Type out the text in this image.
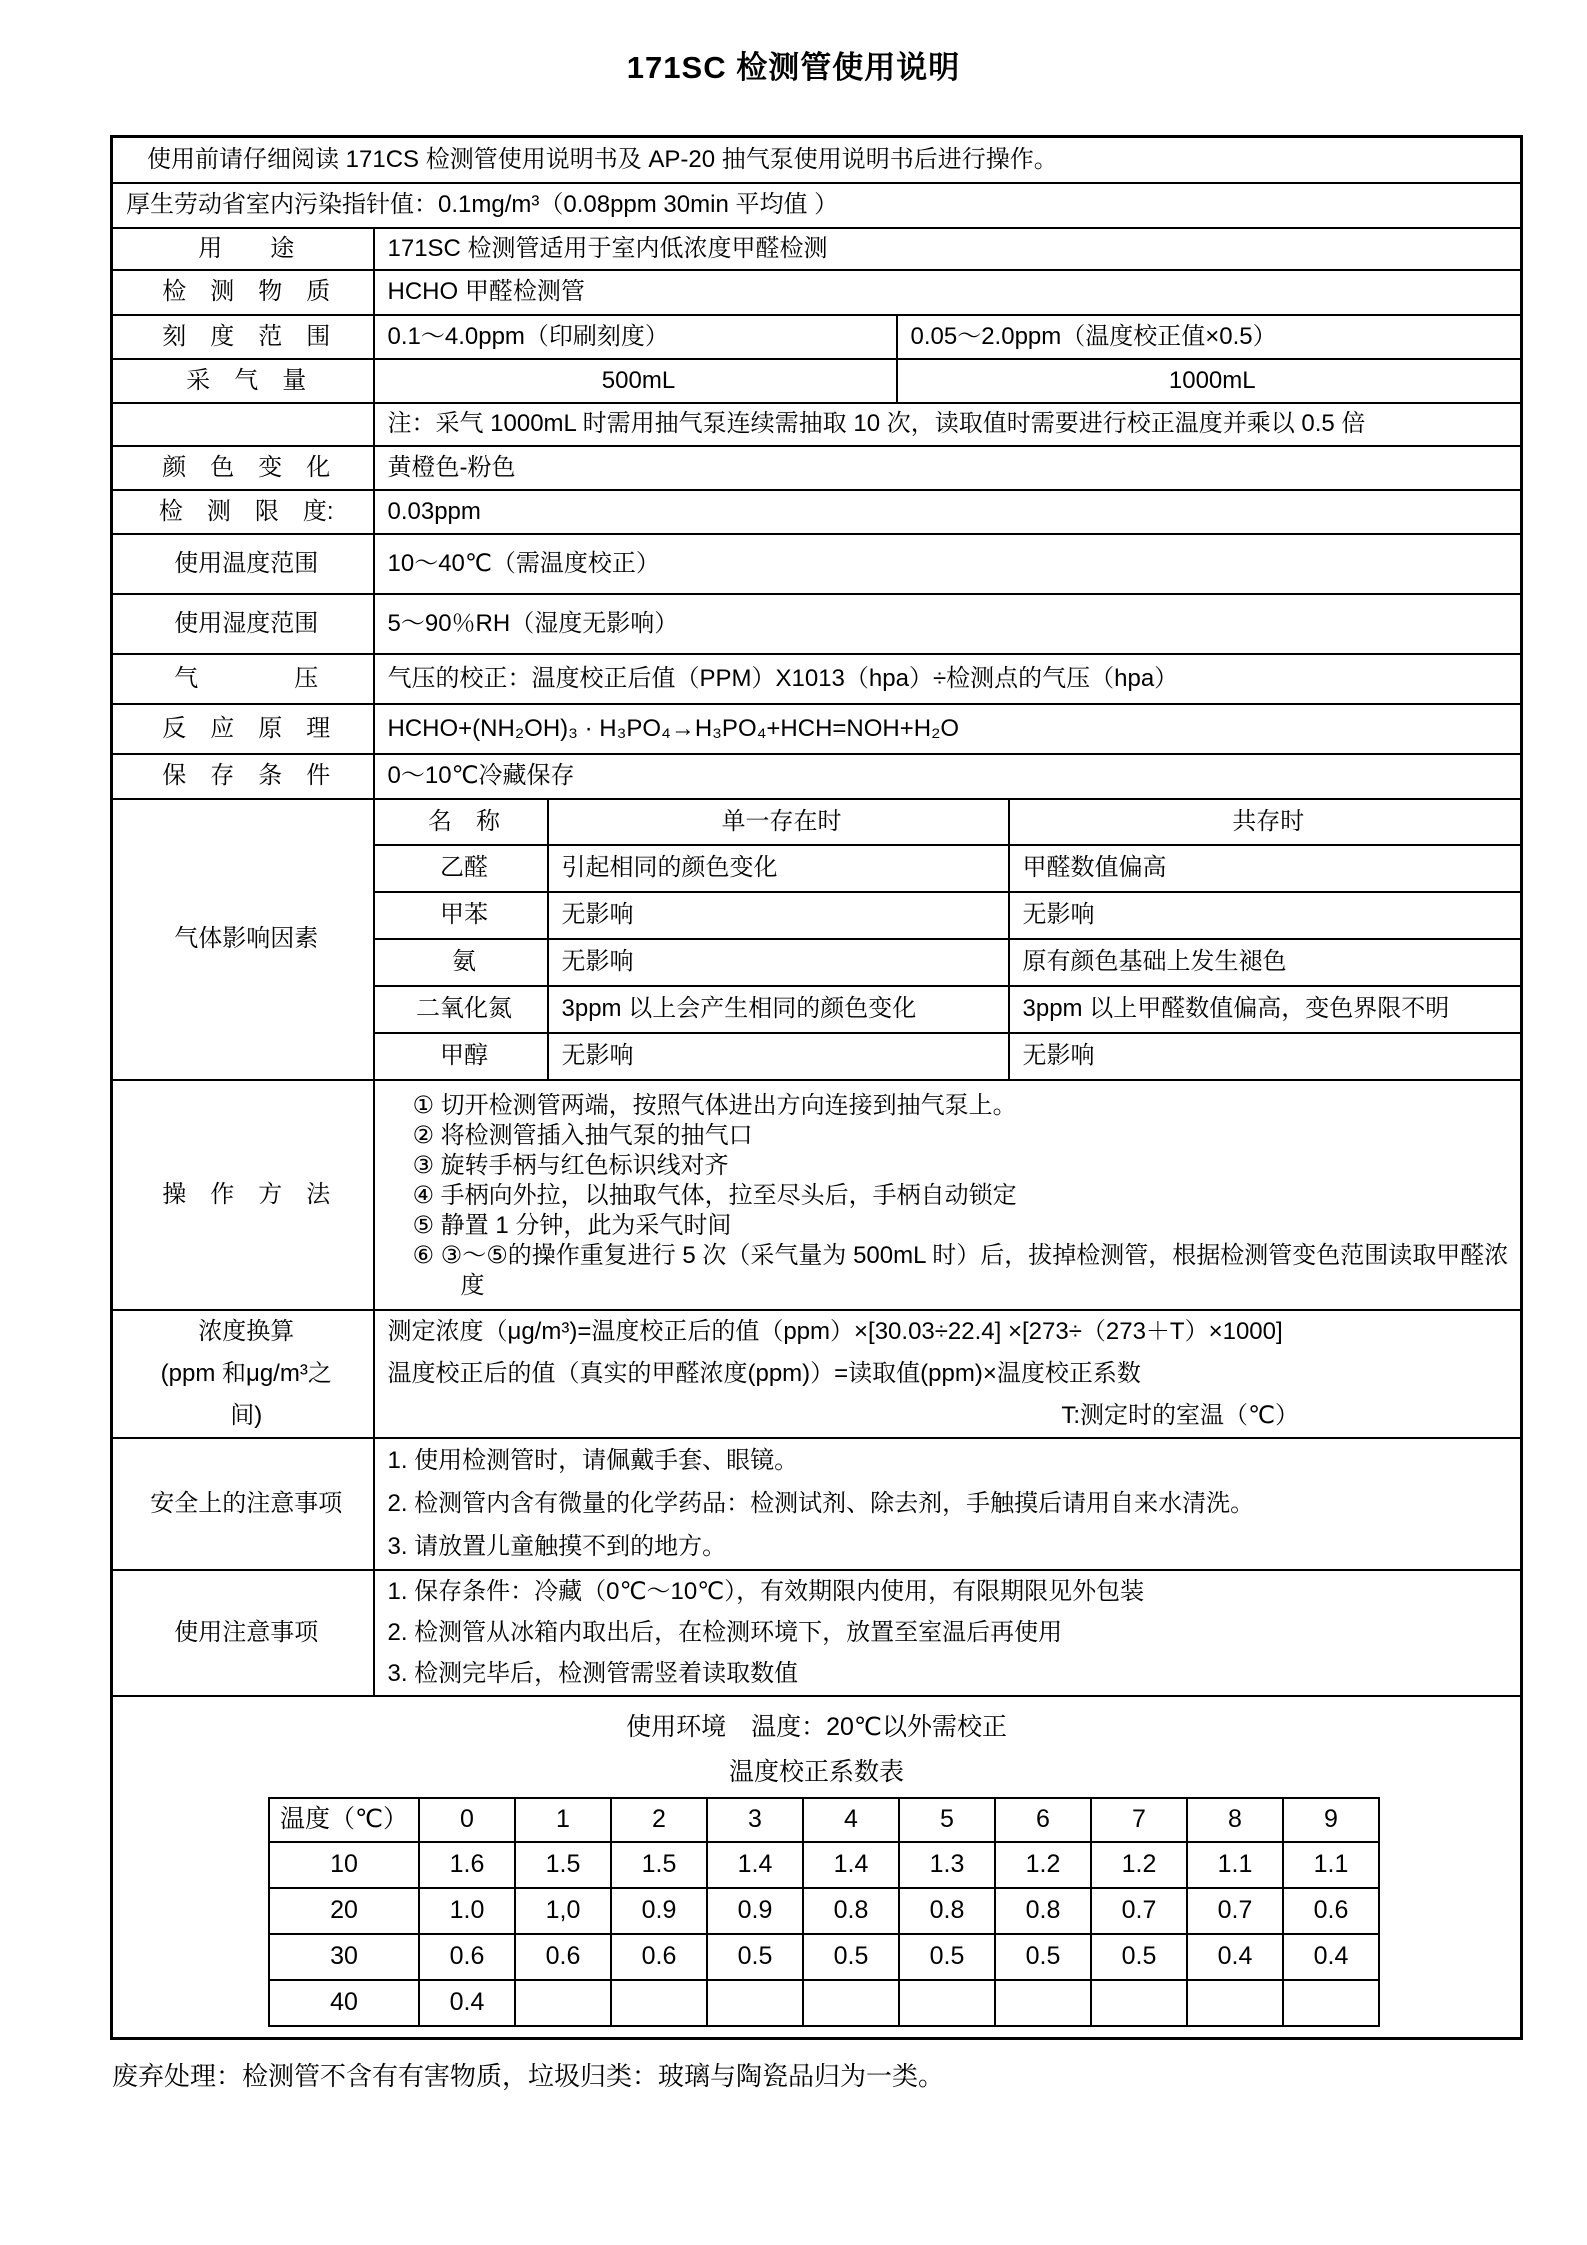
171SC 检测管使用说明
使用前请仔细阅读 171CS 检测管使用说明书及 AP-20 抽气泵使用说明书后进行操作。
厚生劳动省室内污染指针值：0.1mg/m³（0.08ppm 30min 平均值 ）
用　　途	171SC 检测管适用于室内低浓度甲醛检测
检　测　物　质	HCHO 甲醛检测管
刻　度　范　围	0.1～4.0ppm（印刷刻度）	0.05～2.0ppm（温度校正值×0.5）
采　气　量	500mL	1000mL
	注：采气 1000mL 时需用抽气泵连续需抽取 10 次，读取值时需要进行校正温度并乘以 0.5 倍
颜　色　变　化	黄橙色-粉色
检　测　限　度:	0.03ppm
使用温度范围	10～40℃（需温度校正）
使用湿度范围	5～90％RH（湿度无影响）
气　　　　压	气压的校正：温度校正后值（PPM）X1013（hpa）÷检测点的气压（hpa）
反　应　原　理	HCHO+(NH₂OH)₃ · H₃PO₄→H₃PO₄+HCH=NOH+H₂O
保　存　条　件	0～10℃冷藏保存
气体影响因素	名　称	单一存在时	共存时
乙醛	引起相同的颜色变化	甲醛数值偏高
甲苯	无影响	无影响
氨	无影响	原有颜色基础上发生褪色
二氧化氮	3ppm 以上会产生相同的颜色变化	3ppm 以上甲醛数值偏高，变色界限不明
甲醇	无影响	无影响
操　作　方　法	
① 切开检测管两端，按照气体进出方向连接到抽气泵上。
② 将检测管插入抽气泵的抽气口
③ 旋转手柄与红色标识线对齐
④ 手柄向外拉，以抽取气体，拉至尽头后，手柄自动锁定
⑤ 静置 1 分钟，此为采气时间
⑥ ③～⑤的操作重复进行 5 次（采气量为 500mL 时）后，拔掉检测管，根据检测管变色范围读取甲醛浓度

浓度换算
(ppm 和μg/m³之
间)

测定浓度（μg/m³)=温度校正后的值（ppm）×[30.03÷22.4] ×[273÷（273＋T）×1000]
温度校正后的值（真实的甲醛浓度(ppm)）=读取值(ppm)×温度校正系数
T:测定时的室温（℃）

安全上的注意事项	
1. 使用检测管时，请佩戴手套、眼镜。
2. 检测管内含有微量的化学药品：检测试剂、除去剂，手触摸后请用自来水清洗。
3. 请放置儿童触摸不到的地方。

使用注意事项	
1. 保存条件：冷藏（0℃～10℃），有效期限内使用，有限期限见外包装
2. 检测管从冰箱内取出后，在检测环境下，放置至室温后再使用
3. 检测完毕后，检测管需竖着读取数值

使用环境　温度：20℃以外需校正
温度校正系数表
温度（℃）	0	1	2	3	4	5	6	7	8	9
10	1.6	1.5	1.5	1.4	1.4	1.3	1.2	1.2	1.1	1.1
20	1.0	1,0	0.9	0.9	0.8	0.8	0.8	0.7	0.7	0.6
30	0.6	0.6	0.6	0.5	0.5	0.5	0.5	0.5	0.4	0.4
40	0.4									
废弃处理：检测管不含有有害物质，垃圾归类：玻璃与陶瓷品归为一类。
